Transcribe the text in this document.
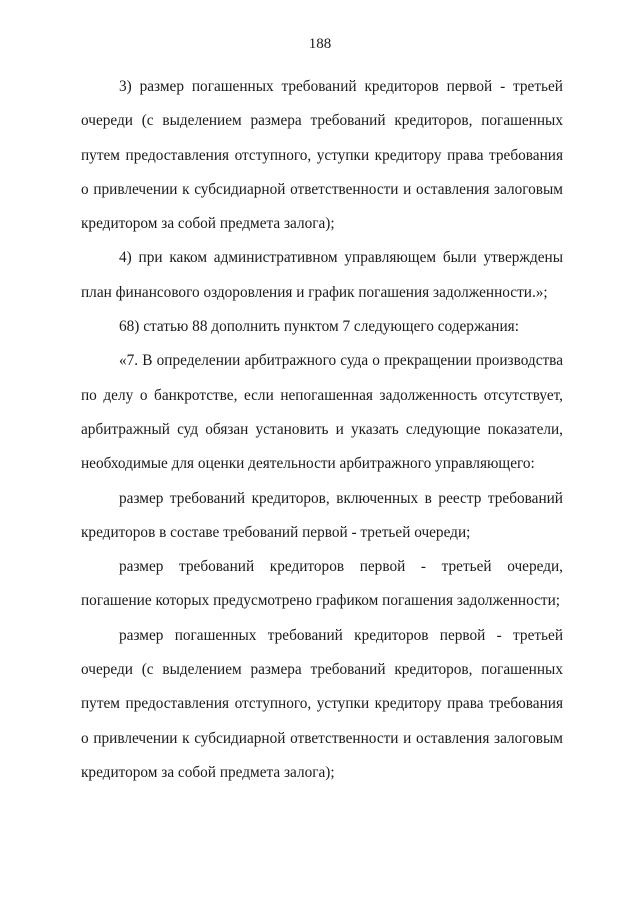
188

3) размер погашенных требований кредиторов первой - третьей очереди (с выделением размера требований кредиторов, погашенных путем предоставления отступного, уступки кредитору права требования о привлечении к субсидиарной ответственности и оставления залоговым кредитором за собой предмета залога);

4) при каком административном управляющем были утверждены план финансового оздоровления и график погашения задолженности.»;

68) статью 88 дополнить пунктом 7 следующего содержания:

«7. В определении арбитражного суда о прекращении производства по делу о банкротстве, если непогашенная задолженность отсутствует, арбитражный суд обязан установить и указать следующие показатели, необходимые для оценки деятельности арбитражного управляющего:

размер требований кредиторов, включенных в реестр требований кредиторов в составе требований первой - третьей очереди;

размер требований кредиторов первой - третьей очереди, погашение которых предусмотрено графиком погашения задолженности;

размер погашенных требований кредиторов первой - третьей очереди (с выделением размера требований кредиторов, погашенных путем предоставления отступного, уступки кредитору права требования о привлечении к субсидиарной ответственности и оставления залоговым кредитором за собой предмета залога);
